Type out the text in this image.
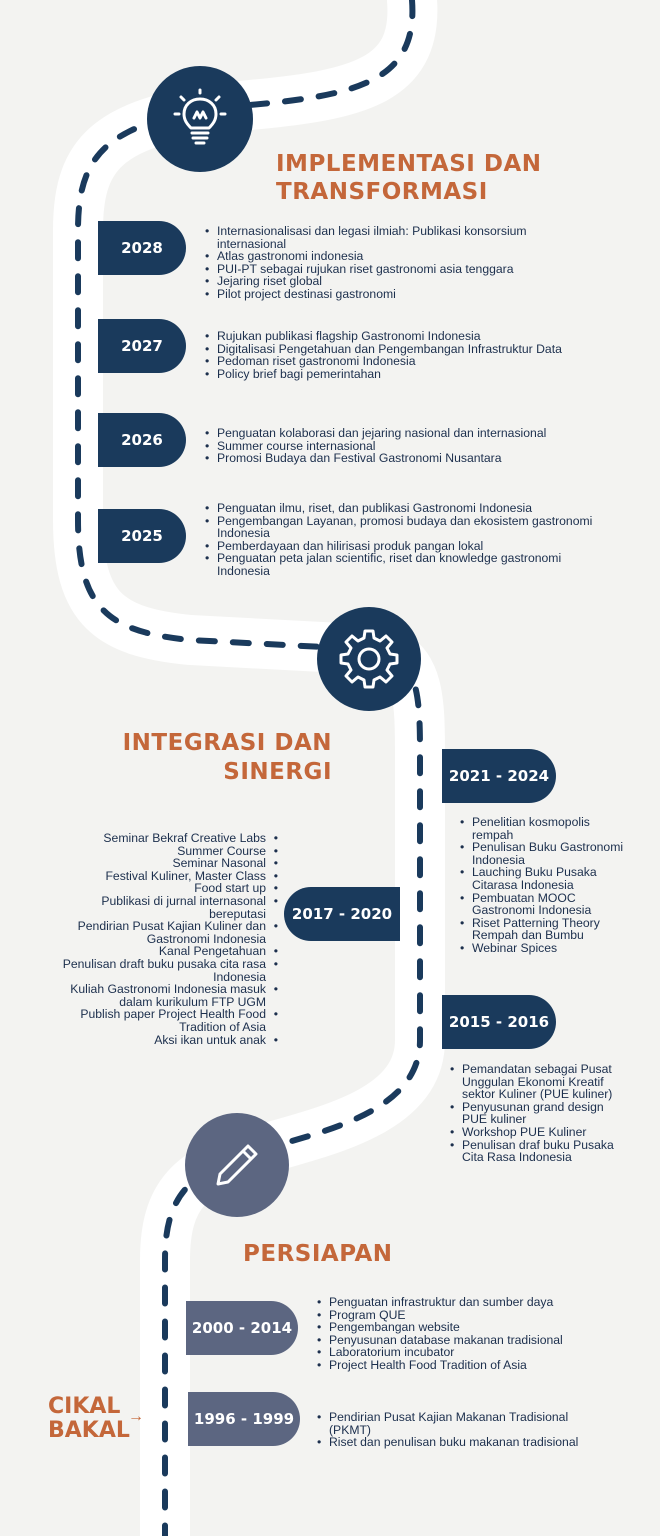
IMPLEMENTASI DAN
TRANSFORMASI
INTEGRASI DAN
SINERGI
PERSIAPAN
CIKAL
BAKAL
→
2028
2027
2026
2025
2021 - 2024
2017 - 2020
2015 - 2016
2000 - 2014
1996 - 1999
• Internasionalisasi dan legasi ilmiah: Publikasi konsorsium internasional
• Atlas gastronomi indonesia
• PUI-PT sebagai rujukan riset gastronomi asia tenggara
• Jejaring riset global
• Pilot project destinasi gastronomi
• Rujukan publikasi flagship Gastronomi Indonesia
• Digitalisasi Pengetahuan dan Pengembangan Infrastruktur Data
• Pedoman riset gastronomi Indonesia
• Policy brief bagi pemerintahan
• Penguatan kolaborasi dan jejaring nasional dan internasional
• Summer course internasional
• Promosi Budaya dan Festival Gastronomi Nusantara
• Penguatan ilmu, riset, dan publikasi Gastronomi Indonesia
• Pengembangan Layanan, promosi budaya dan ekosistem gastronomi Indonesia
• Pemberdayaan dan hilirisasi produk pangan lokal
• Penguatan peta jalan scientific, riset dan knowledge gastronomi Indonesia
• Penelitian kosmopolis rempah
• Penulisan Buku Gastronomi Indonesia
• Lauching Buku Pusaka Citarasa Indonesia
• Pembuatan MOOC Gastronomi Indonesia
• Riset Patterning Theory Rempah dan Bumbu
• Webinar Spices
• Seminar Bekraf Creative Labs
• Summer Course
• Seminar Nasonal
• Festival Kuliner, Master Class
• Food start up
• Publikasi di jurnal internasonal bereputasi
• Pendirian Pusat Kajian Kuliner dan Gastronomi Indonesia
• Kanal Pengetahuan
• Penulisan draft buku pusaka cita rasa Indonesia
• Kuliah Gastronomi Indonesia masuk dalam kurikulum FTP UGM
• Publish paper Project Health Food Tradition of Asia
• Aksi ikan untuk anak
• Pemandatan sebagai Pusat Unggulan Ekonomi Kreatif sektor Kuliner (PUE kuliner)
• Penyusunan grand design PUE kuliner
• Workshop PUE Kuliner
• Penulisan draf buku Pusaka Cita Rasa Indonesia
• Penguatan infrastruktur dan sumber daya
• Program QUE
• Pengembangan website
• Penyusunan database makanan tradisional
• Laboratorium incubator
• Project Health Food Tradition of Asia
• Pendirian Pusat Kajian Makanan Tradisional (PKMT)
• Riset dan penulisan buku makanan tradisional
